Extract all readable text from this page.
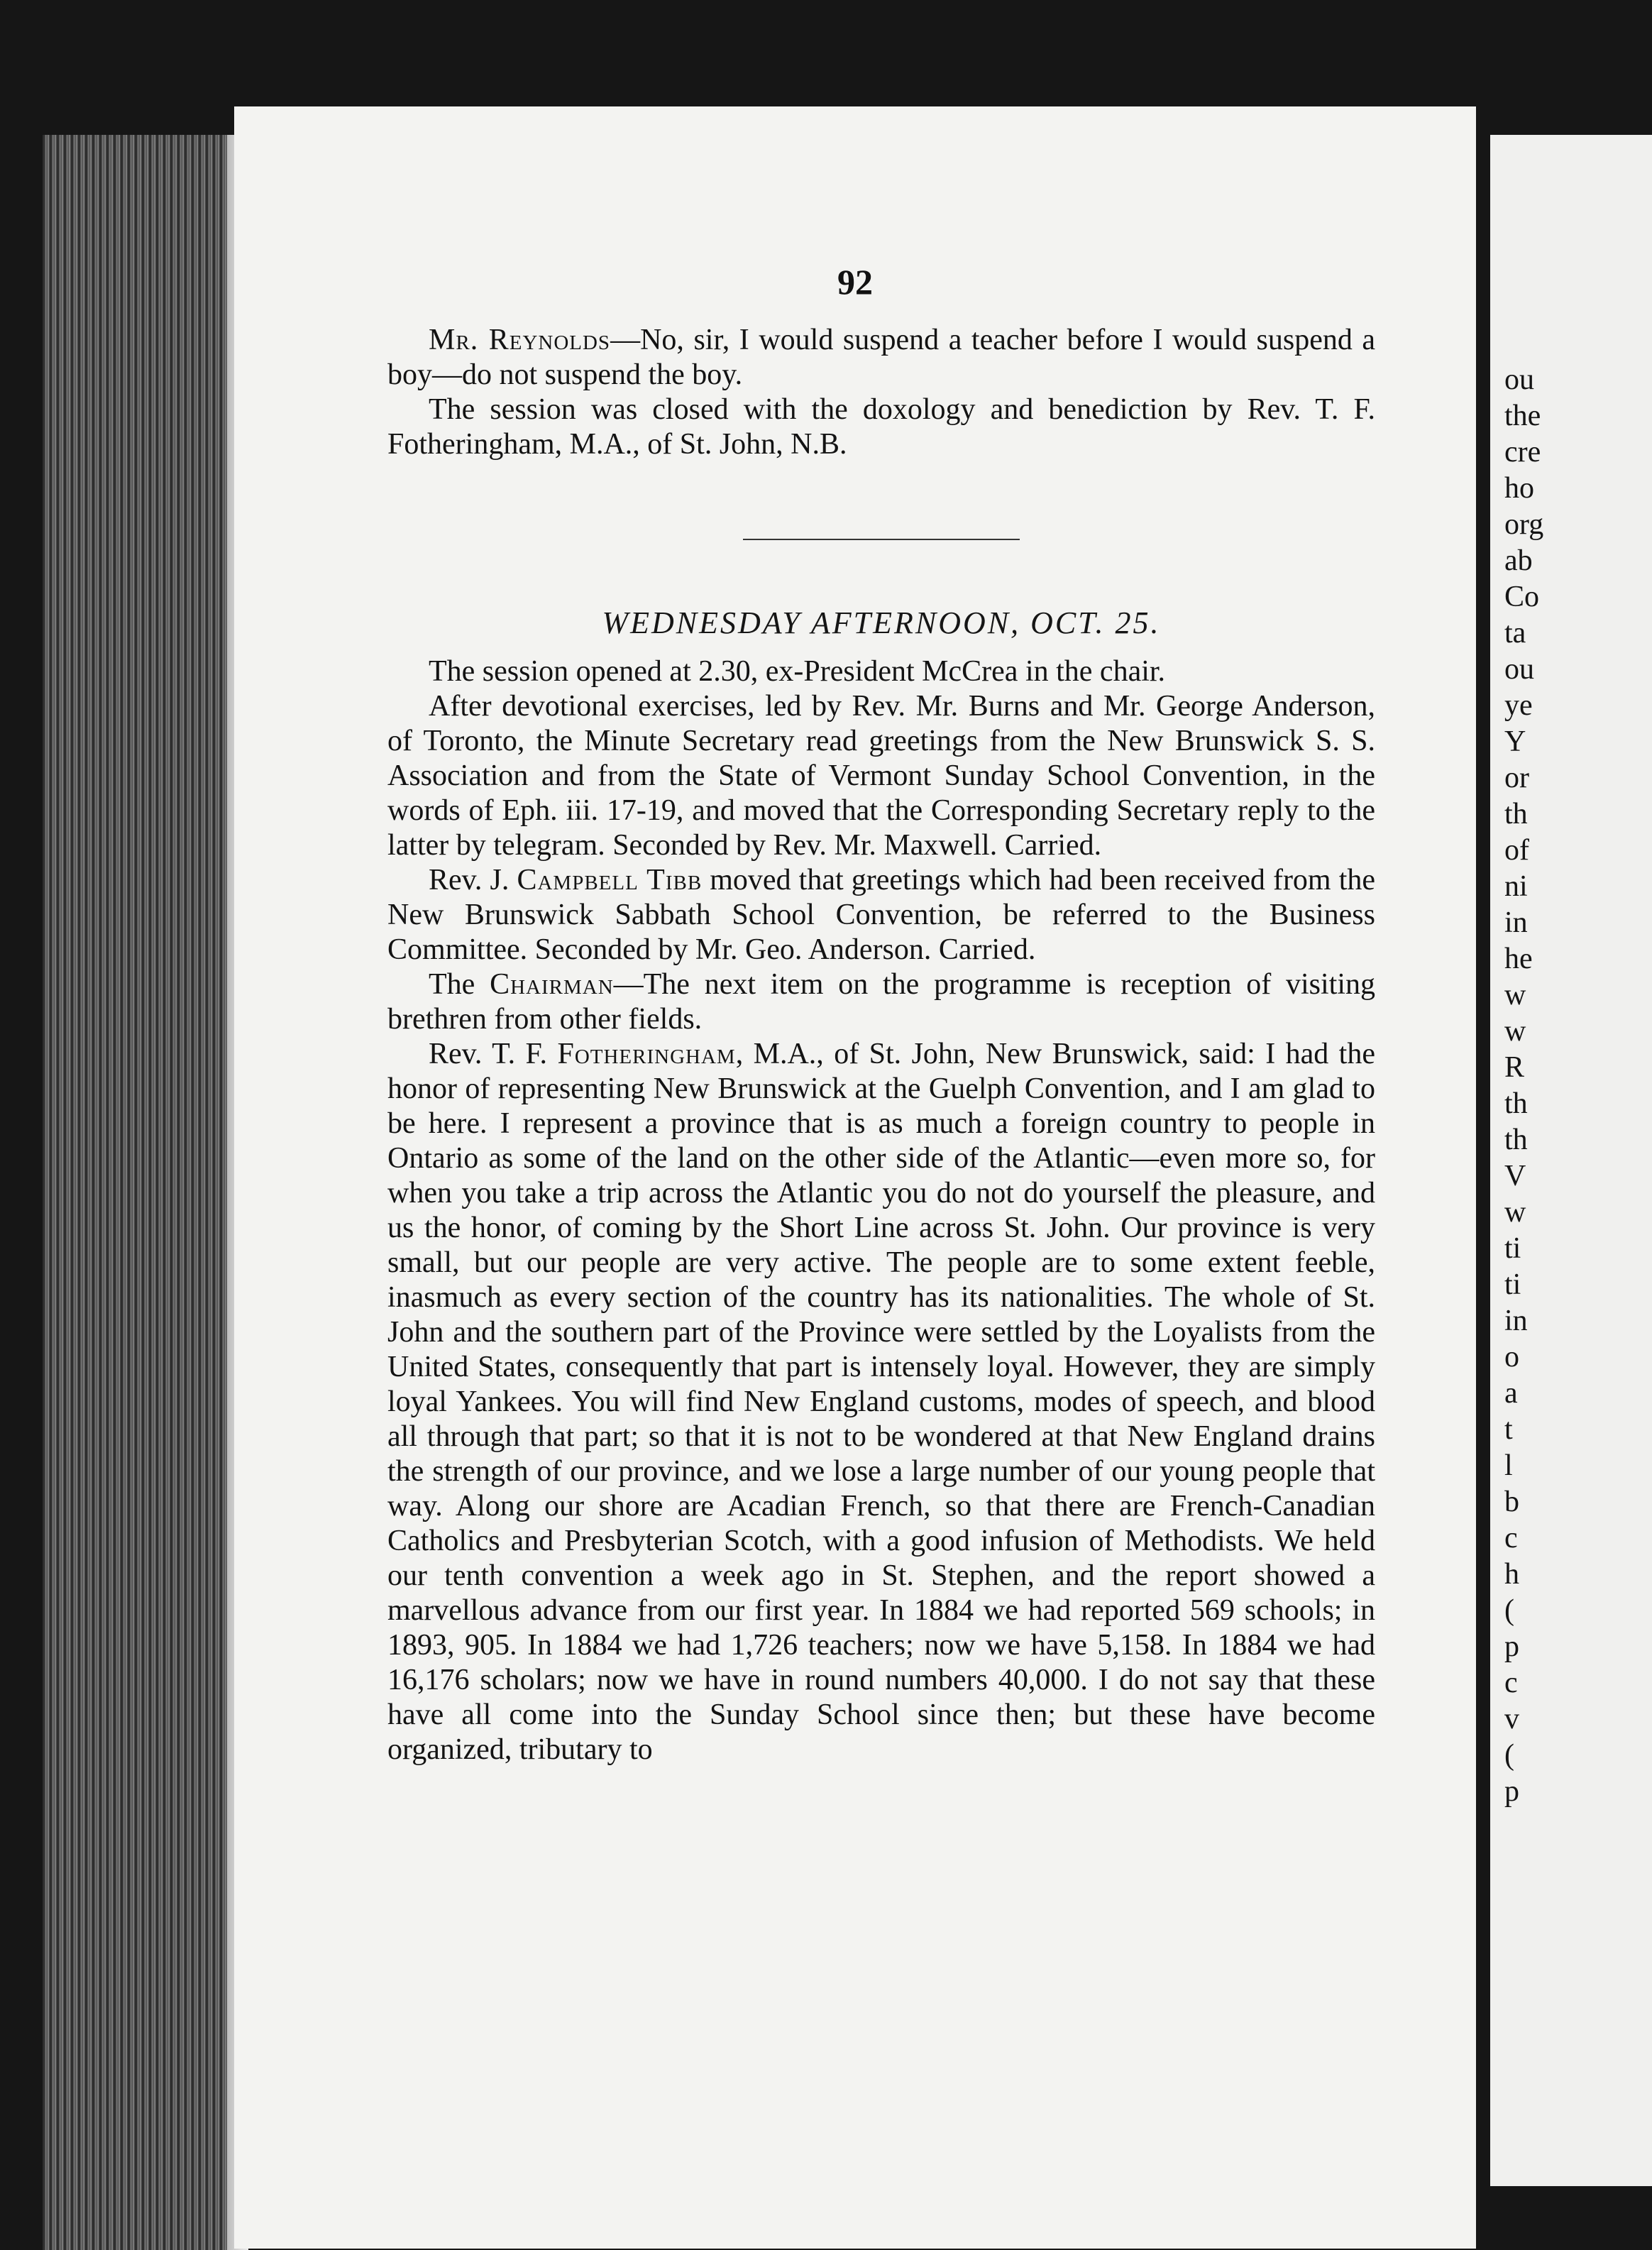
92

Mr. Reynolds—No, sir, I would suspend a teacher before I would suspend a boy—do not suspend the boy.

The session was closed with the doxology and benediction by Rev. T. F. Fotheringham, M.A., of St. John, N.B.

WEDNESDAY AFTERNOON, OCT. 25.

The session opened at 2.30, ex-President McCrea in the chair.

After devotional exercises, led by Rev. Mr. Burns and Mr. George Anderson, of Toronto, the Minute Secretary read greetings from the New Brunswick S. S. Association and from the State of Vermont Sunday School Convention, in the words of Eph. iii. 17-19, and moved that the Corresponding Secretary reply to the latter by telegram. Seconded by Rev. Mr. Maxwell. Carried.

Rev. J. Campbell Tibb moved that greetings which had been received from the New Brunswick Sabbath School Convention, be referred to the Business Committee. Seconded by Mr. Geo. Anderson. Carried.

The Chairman—The next item on the programme is reception of visiting brethren from other fields.

Rev. T. F. Fotheringham, M.A., of St. John, New Brunswick, said: I had the honor of representing New Brunswick at the Guelph Convention, and I am glad to be here. I represent a province that is as much a foreign country to people in Ontario as some of the land on the other side of the Atlantic—even more so, for when you take a trip across the Atlantic you do not do yourself the pleasure, and us the honor, of coming by the Short Line across St. John. Our province is very small, but our people are very active. The people are to some extent feeble, inasmuch as every section of the country has its nationalities. The whole of St. John and the southern part of the Province were settled by the Loyalists from the United States, consequently that part is intensely loyal. However, they are simply loyal Yankees. You will find New England customs, modes of speech, and blood all through that part; so that it is not to be wondered at that New England drains the strength of our province, and we lose a large number of our young people that way. Along our shore are Acadian French, so that there are French-Canadian Catholics and Presbyterian Scotch, with a good infusion of Methodists. We held our tenth convention a week ago in St. Stephen, and the report showed a marvellous advance from our first year. In 1884 we had reported 569 schools; in 1893, 905. In 1884 we had 1,726 teachers; now we have 5,158. In 1884 we had 16,176 scholars; now we have in round numbers 40,000. I do not say that these have all come into the Sunday School since then; but these have become organized, tributary to

ou
the
cre
ho
org
ab
Co
ta
ou
ye
Y
or
th
of
ni
in
he
w
w
R
th
th
V
w
ti
ti
in
o
a
t
l
b
c
h
(
p
c
v
(
p
